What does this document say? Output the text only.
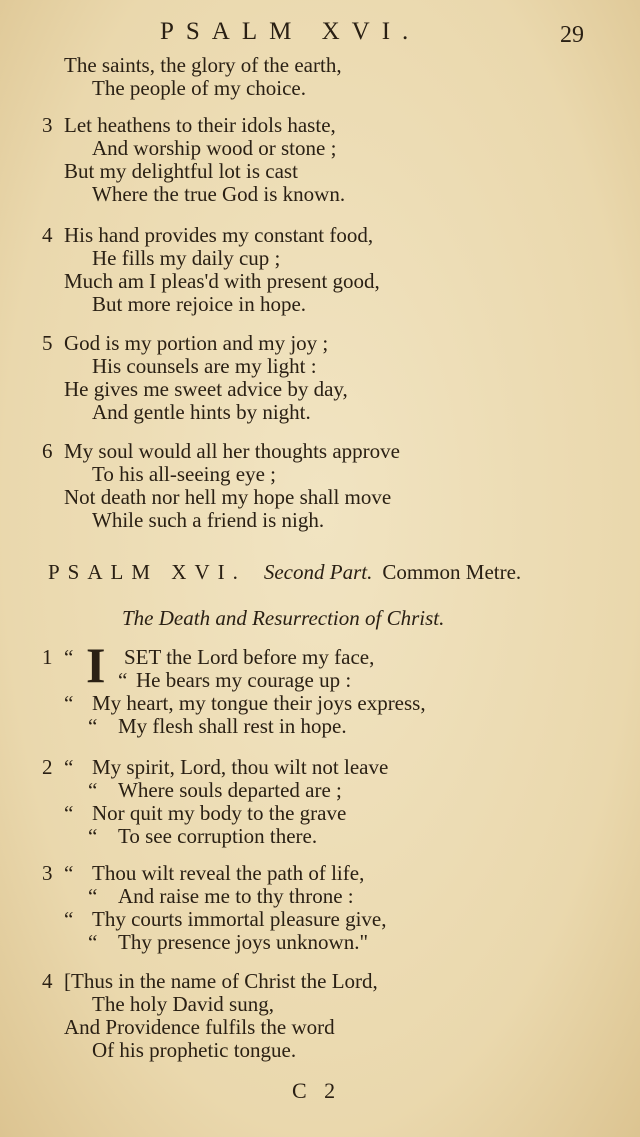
PSALM XVI.	29
The saints, the glory of the earth,
The people of my choice.
3 Let heathens to their idols haste,
And worship wood or stone ;
But my delightful lot is cast
Where the true God is known.
4 His hand provides my constant food,
He fills my daily cup ;
Much am I pleas'd with present good,
But more rejoice in hope.
5 God is my portion and my joy ;
His counsels are my light :
He gives me sweet advice by day,
And gentle hints by night.
6 My soul would all her thoughts approve
To his all-seeing eye ;
Not death nor hell my hope shall move
While such a friend is nigh.
PSALM XVI. Second Part. Common Metre.
The Death and Resurrection of Christ.
I
1 “ SET the Lord before my face,
“ He bears my courage up :
“ My heart, my tongue their joys express,
“ My flesh shall rest in hope.
2 “ My spirit, Lord, thou wilt not leave
“ Where souls departed are ;
“ Nor quit my body to the grave
“ To see corruption there.
3 “ Thou wilt reveal the path of life,
“ And raise me to thy throne :
“ Thy courts immortal pleasure give,
“ Thy presence joys unknown."
4 [Thus in the name of Christ the Lord,
The holy David sung,
And Providence fulfils the word
Of his prophetic tongue.
C 2
